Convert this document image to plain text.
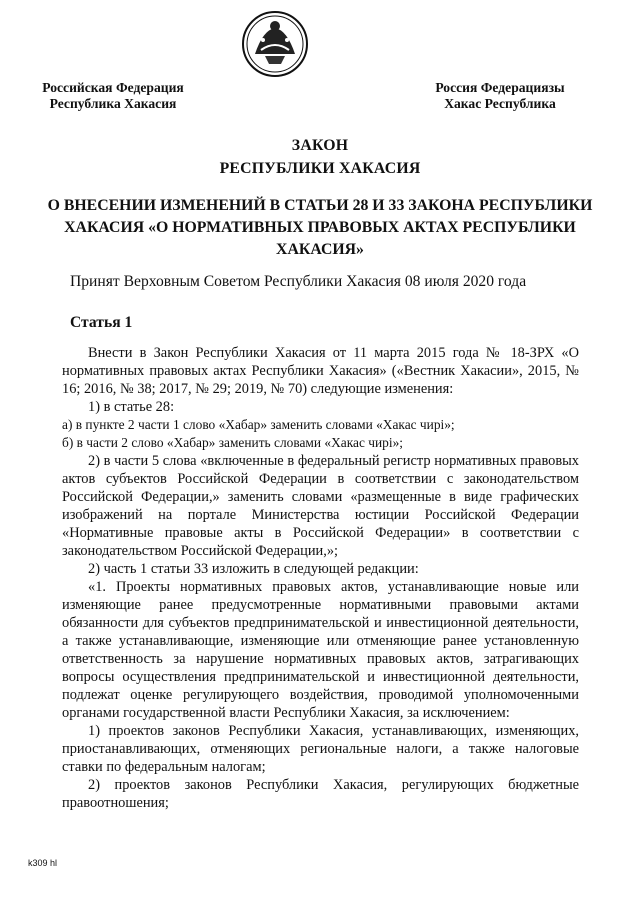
Российская Федерация
Республика Хакасия
Россия Федерациязы
Хакас Республика
ЗАКОН
РЕСПУБЛИКИ ХАКАСИЯ
О ВНЕСЕНИИ ИЗМЕНЕНИЙ В СТАТЬИ 28 И 33 ЗАКОНА РЕСПУБЛИКИ ХАКАСИЯ «О НОРМАТИВНЫХ ПРАВОВЫХ АКТАХ РЕСПУБЛИКИ ХАКАСИЯ»
Принят Верховным Советом Республики Хакасия 08 июля 2020 года
Статья 1

Внести в Закон Республики Хакасия от 11 марта 2015 года № 18-ЗРХ «О нормативных правовых актах Республики Хакасия» («Вестник Хакасии», 2015, № 16; 2016, № 38; 2017, № 29; 2019, № 70) следующие изменения:

1) в статье 28:

а) в пункте 2 части 1 слово «Хабар» заменить словами «Хакас чирі»;

б) в части 2 слово «Хабар» заменить словами «Хакас чирі»;

2) в части 5 слова «включенные в федеральный регистр нормативных правовых актов субъектов Российской Федерации в соответствии с законодательством Российской Федерации,» заменить словами «размещенные в виде графических изображений на портале Министерства юстиции Российской Федерации «Нормативные правовые акты в Российской Федерации» в соответствии с законодательством Российской Федерации,»;

2) часть 1 статьи 33 изложить в следующей редакции:

«1. Проекты нормативных правовых актов, устанавливающие новые или изменяющие ранее предусмотренные нормативными правовыми актами обязанности для субъектов предпринимательской и инвестиционной деятельности, а также устанавливающие, изменяющие или отменяющие ранее установленную ответственность за нарушение нормативных правовых актов, затрагивающих вопросы осуществления предпринимательской и инвестиционной деятельности, подлежат оценке регулирующего воздействия, проводимой уполномоченными органами государственной власти Республики Хакасия, за исключением:

1) проектов законов Республики Хакасия, устанавливающих, изменяющих, приостанавливающих, отменяющих региональные налоги, а также налоговые ставки по федеральным налогам;

2) проектов законов Республики Хакасия, регулирующих бюджетные правоотношения;

k309 hl
